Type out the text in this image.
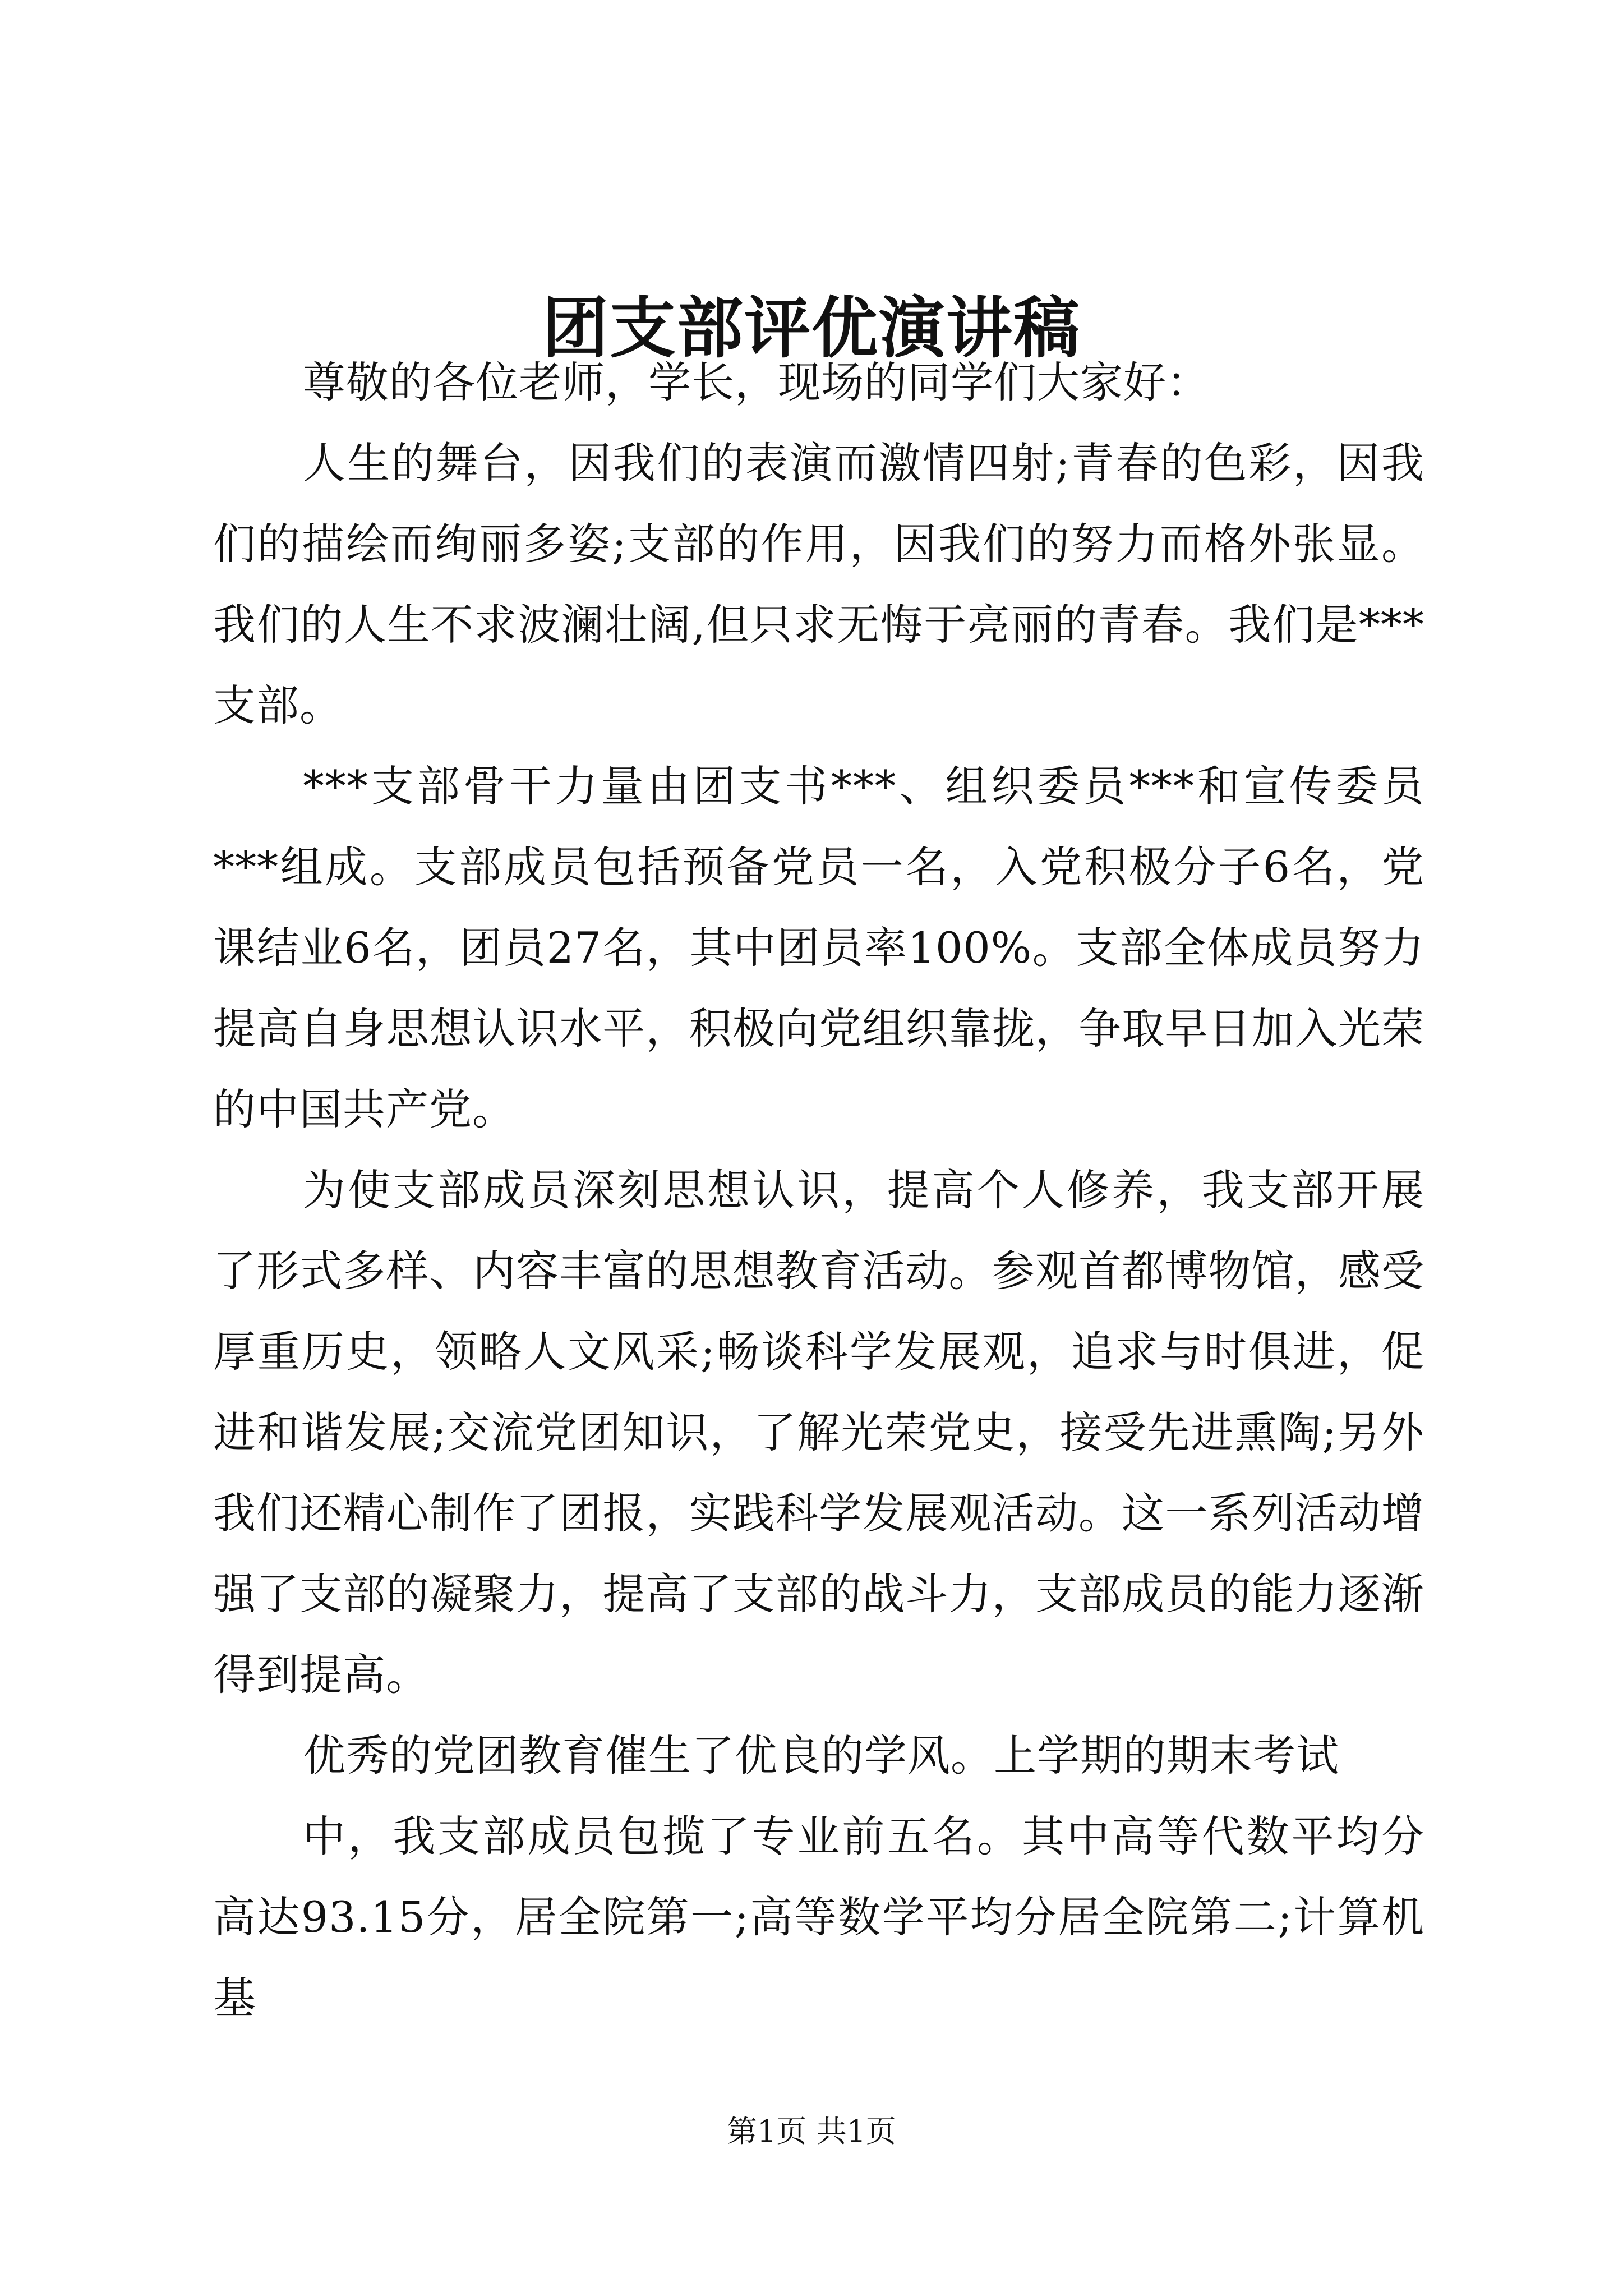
团支部评优演讲稿

尊敬的各位老师，学长，现场的同学们大家好：

人生的舞台，因我们的表演而激情四射;青春的色彩，因我们的描绘而绚丽多姿;支部的作用，因我们的努力而格外张显。我们的人生不求波澜壮阔,但只求无悔于亮丽的青春。我们是***支部。

***支部骨干力量由团支书***、组织委员***和宣传委员***组成。支部成员包括预备党员一名，入党积极分子6名，党课结业6名，团员27名，其中团员率100%。支部全体成员努力提高自身思想认识水平，积极向党组织靠拢，争取早日加入光荣的中国共产党。

为使支部成员深刻思想认识，提高个人修养，我支部开展了形式多样、内容丰富的思想教育活动。参观首都博物馆，感受厚重历史，领略人文风采;畅谈科学发展观，追求与时俱进，促进和谐发展;交流党团知识，了解光荣党史，接受先进熏陶;另外我们还精心制作了团报，实践科学发展观活动。这一系列活动增强了支部的凝聚力，提高了支部的战斗力，支部成员的能力逐渐得到提高。

优秀的党团教育催生了优良的学风。上学期的期末考试

中，我支部成员包揽了专业前五名。其中高等代数平均分高达93.15分，居全院第一;高等数学平均分居全院第二;计算机基

第1页 共1页
